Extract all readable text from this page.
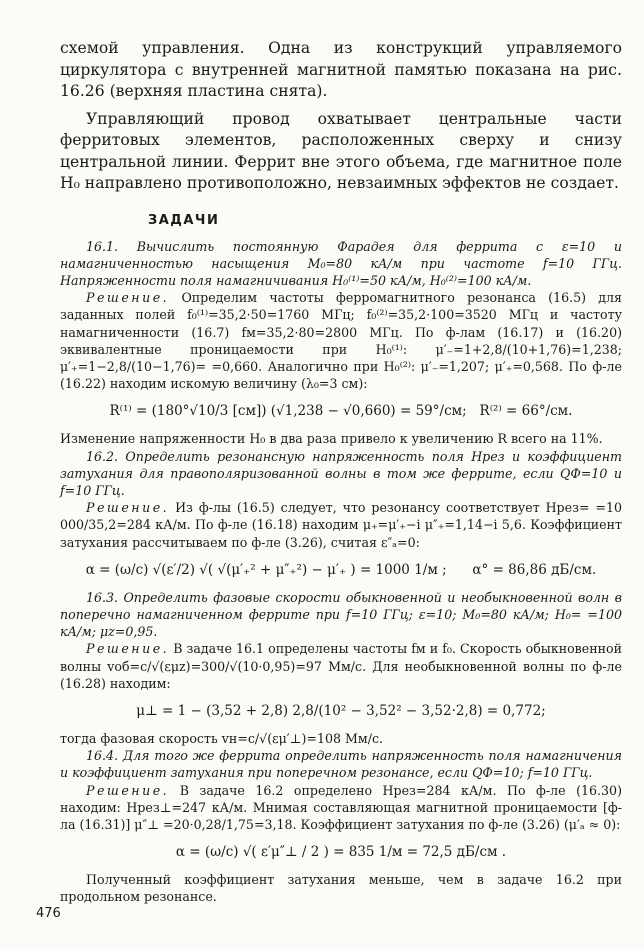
схемой управления. Одна из конструкций управляемого циркулятора с внутренней магнитной памятью показана на рис. 16.26 (верхняя пластина снята).

Управляющий провод охватывает центральные части ферритовых элементов, расположенных сверху и снизу центральной линии. Феррит вне этого объема, где магнитное поле H₀ направлено противоположно, невзаимных эффектов не создает.

ЗАДАЧИ

16.1. Вычислить постоянную Фарадея для феррита с ε=10 и намагниченностью насыщения M₀=80 кА/м при частоте f=10 ГГц. Напряженности поля намагничивания H₀⁽¹⁾=50 кА/м, H₀⁽²⁾=100 кА/м.

Решение. Определим частоты ферромагнитного резонанса (16.5) для заданных полей f₀⁽¹⁾=35,2·50=1760 МГц; f₀⁽²⁾=35,2·100=3520 МГц и частоту намагниченности (16.7) fм=35,2·80=2800 МГц. По ф-лам (16.17) и (16.20) эквивалентные проницаемости при H₀⁽¹⁾: μ′₋=1+2,8/(10+1,76)=1,238; μ′₊=1−2,8/(10−1,76)= =0,660. Аналогично при H₀⁽²⁾: μ′₋=1,207; μ′₊=0,568. По ф-ле (16.22) находим искомую величину (λ₀=3 см):

R⁽¹⁾ = (180°√10/3 [см]) (√1,238 − √0,660) = 59°/см;   R⁽²⁾ = 66°/см.

Изменение напряженности H₀ в два раза привело к увеличению R всего на 11%.

16.2. Определить резонансную напряженность поля Hрез и коэффициент затухания для правополяризованной волны в том же феррите, если QФ=10 и f=10 ГГц.

Решение. Из ф-лы (16.5) следует, что резонансу соответствует Hрез= =10 000/35,2=284 кА/м. По ф-ле (16.18) находим μ₊=μ′₊−i μ″₊=1,14−i 5,6. Коэффициент затухания рассчитываем по ф-ле (3.26), считая ε″ₐ=0:

α = (ω/c) √(ε′/2) √( √(μ′₊² + μ″₊²) − μ′₊ ) = 1000 1/м ;      α° = 86,86 дБ/см.

16.3. Определить фазовые скорости обыкновенной и необыкновенной волн в поперечно намагниченном феррите при f=10 ГГц; ε=10; M₀=80 кА/м; H₀= =100 кА/м; μz=0,95.

Решение. В задаче 16.1 определены частоты fм и f₀. Скорость обыкновенной волны vоб=c/√(εμz)=300/√(10·0,95)=97 Мм/с. Для необыкновенной волны по ф-ле (16.28) находим:

μ⊥ = 1 − (3,52 + 2,8) 2,8/(10² − 3,52² − 3,52·2,8) = 0,772;

тогда фазовая скорость vн=c/√(εμ′⊥)=108 Мм/с.

16.4. Для того же феррита определить напряженность поля намагничения и коэффициент затухания при поперечном резонансе, если QФ=10; f=10 ГГц.

Решение. В задаче 16.2 определено Hрез=284 кА/м. По ф-ле (16.30) находим: Hрез⊥=247 кА/м. Мнимая составляющая магнитной проницаемости [ф-ла (16.31)] μ″⊥ =20·0,28/1,75=3,18. Коэффициент затухания по ф-ле (3.26) (μ′ₐ ≈ 0):

α = (ω/c) √( ε′μ″⊥ / 2 ) = 835 1/м = 72,5 дБ/см .

Полученный коэффициент затухания меньше, чем в задаче 16.2 при продольном резонансе.

476
